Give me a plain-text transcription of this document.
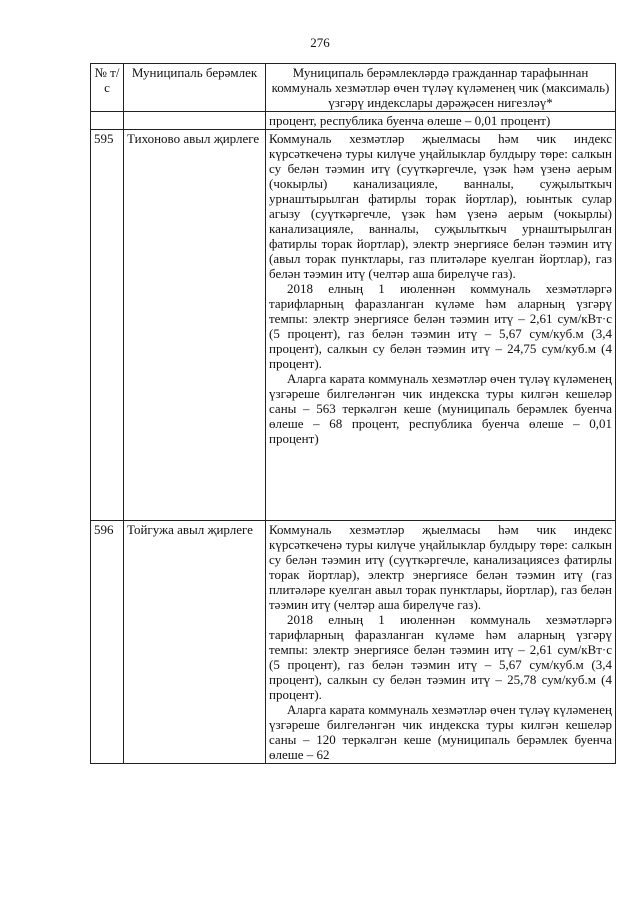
276
№ т/с	Муниципаль берәмлек	Муниципаль берәмлекләрдә гражданнар тарафыннан коммуналь хезмәтләр өчен түләү күләменең чик (максималь) үзгәрү индекслары дәрәҗәсен нигезләү*
		процент, республика буенча өлеше – 0,01 процент)
595	Тихоново авыл җирлеге	Коммуналь хезмәтләр җыелмасы һәм чик индекс күрсәткеченә туры килүче уңайлыклар булдыру төре: салкын су белән тәэмин итү (суүткәргечле, үзәк һәм үзенә аерым (чокырлы) канализацияле, ванналы, суҗылыткыч урнаштырылган фатирлы торак йортлар), юынтык сулар агызу (суүткәргечле, үзәк һәм үзенә аерым (чокырлы) канализацияле, ванналы, суҗылыткыч урнаштырылган фатирлы торак йортлар), электр энергиясе белән тәэмин итү (авыл торак пунктлары, газ плитәләре куелган йортлар), газ белән тәэмин итү (челтәр аша бирелүче газ).

2018 елның 1 июленнән коммуналь хезмәтләргә тарифларның фаразланган күләме һәм аларның үзгәрү темпы: электр энергиясе белән тәэмин итү – 2,61 сум/кВт·с (5 процент), газ белән тәэмин итү – 5,67 сум/куб.м (3,4 процент), салкын су белән тәэмин итү – 24,75 сум/куб.м (4 процент).

Аларга карата коммуналь хезмәтләр өчен түләү күләменең үзгәреше билгеләнгән чик индекска туры килгән кешеләр саны – 563 теркәлгән кеше (муниципаль берәмлек буенча өлеше – 68 процент, республика буенча өлеше – 0,01 процент)

596	Тойгужа авыл җирлеге	Коммуналь хезмәтләр җыелмасы һәм чик индекс күрсәткеченә туры килүче уңайлыклар булдыру төре: салкын су белән тәэмин итү (суүткәргечле, канализациясез фатирлы торак йортлар), электр энергиясе белән тәэмин итү (газ плитәләре куелган авыл торак пунктлары, йортлар), газ белән тәэмин итү (челтәр аша бирелүче газ).

2018 елның 1 июленнән коммуналь хезмәтләргә тарифларның фаразланган күләме һәм аларның үзгәрү темпы: электр энергиясе белән тәэмин итү – 2,61 сум/кВт·с (5 процент), газ белән тәэмин итү – 5,67 сум/куб.м (3,4 процент), салкын су белән тәэмин итү – 25,78 сум/куб.м (4 процент).

Аларга карата коммуналь хезмәтләр өчен түләү күләменең үзгәреше билгеләнгән чик индекска туры килгән кешеләр саны – 120 теркәлгән кеше (муниципаль берәмлек буенча өлеше – 62
